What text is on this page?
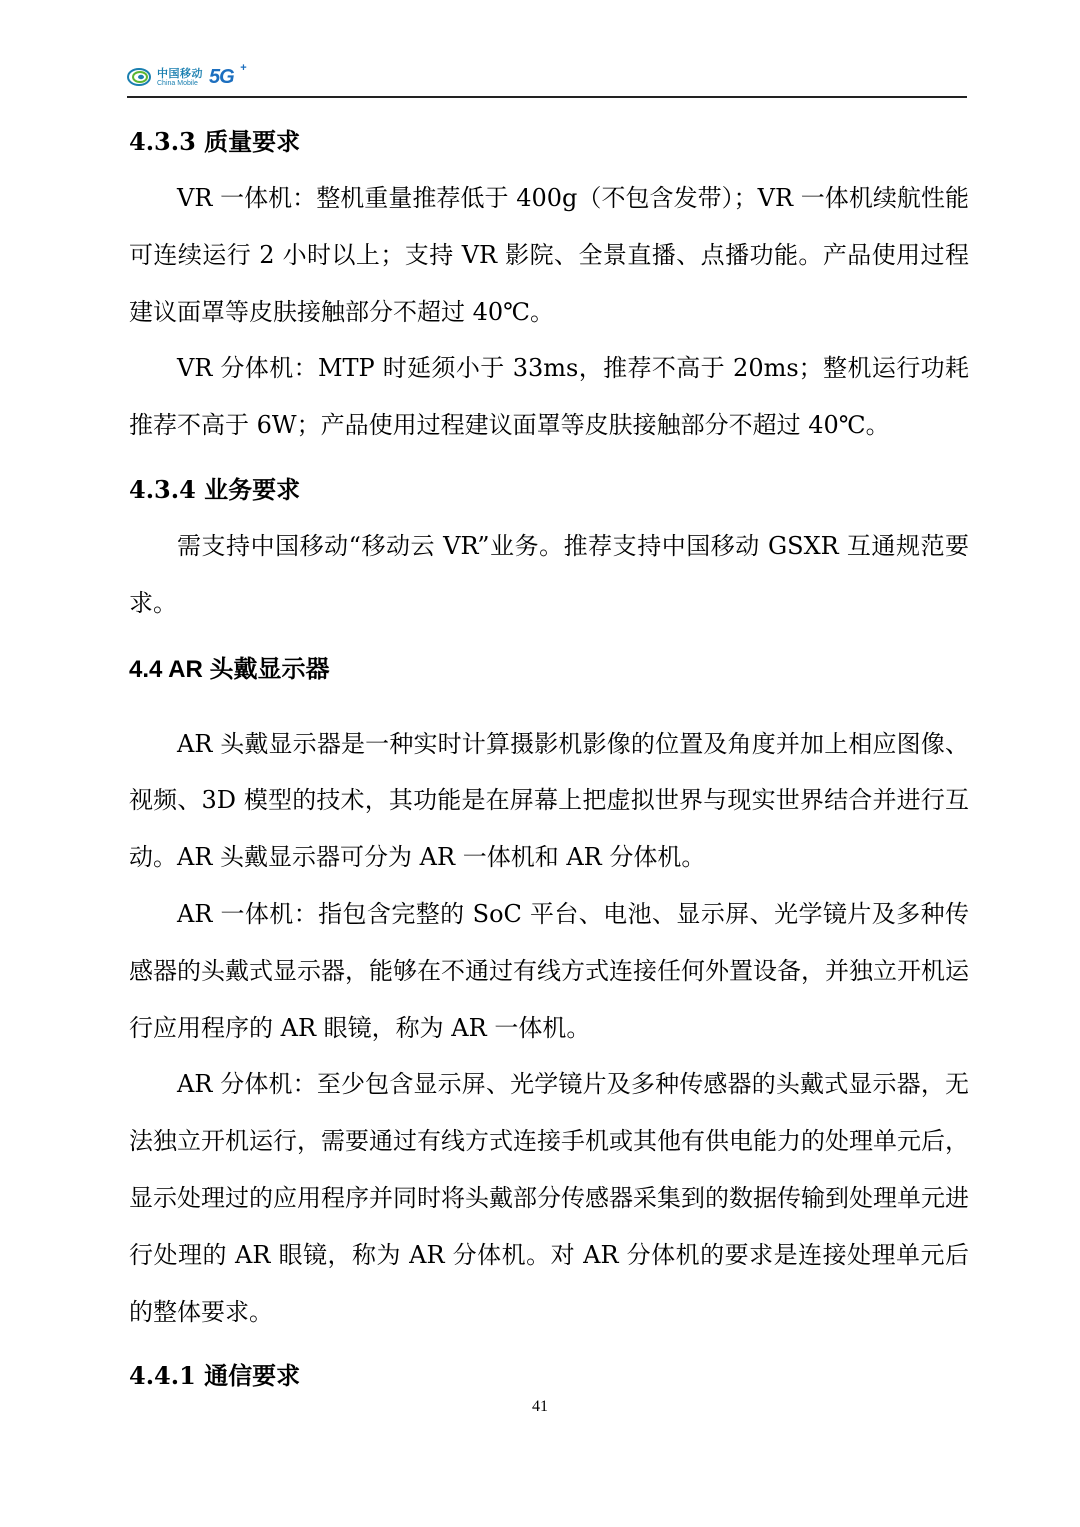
中国移动
China Mobile 5G +
4.3.3 质量要求

VR 一体机：整机重量推荐低于 400g（不包含发带）；VR 一体机续航性能可连续运行 2 小时以上；支持 VR 影院、全景直播、点播功能。产品使用过程建议面罩等皮肤接触部分不超过 40℃。

VR 分体机：MTP 时延须小于 33ms，推荐不高于 20ms；整机运行功耗推荐不高于 6W；产品使用过程建议面罩等皮肤接触部分不超过 40℃。

4.3.4 业务要求

需支持中国移动“移动云 VR”业务。推荐支持中国移动 GSXR 互通规范要求。

4.4 AR 头戴显示器

AR 头戴显示器是一种实时计算摄影机影像的位置及角度并加上相应图像、视频、3D 模型的技术，其功能是在屏幕上把虚拟世界与现实世界结合并进行互动。AR 头戴显示器可分为 AR 一体机和 AR 分体机。

AR 一体机：指包含完整的 SoC 平台、电池、显示屏、光学镜片及多种传感器的头戴式显示器，能够在不通过有线方式连接任何外置设备，并独立开机运行应用程序的 AR 眼镜，称为 AR 一体机。

AR 分体机：至少包含显示屏、光学镜片及多种传感器的头戴式显示器，无法独立开机运行，需要通过有线方式连接手机或其他有供电能力的处理单元后，显示处理过的应用程序并同时将头戴部分传感器采集到的数据传输到处理单元进行处理的 AR 眼镜，称为 AR 分体机。对 AR 分体机的要求是连接处理单元后的整体要求。

4.4.1 通信要求
41
